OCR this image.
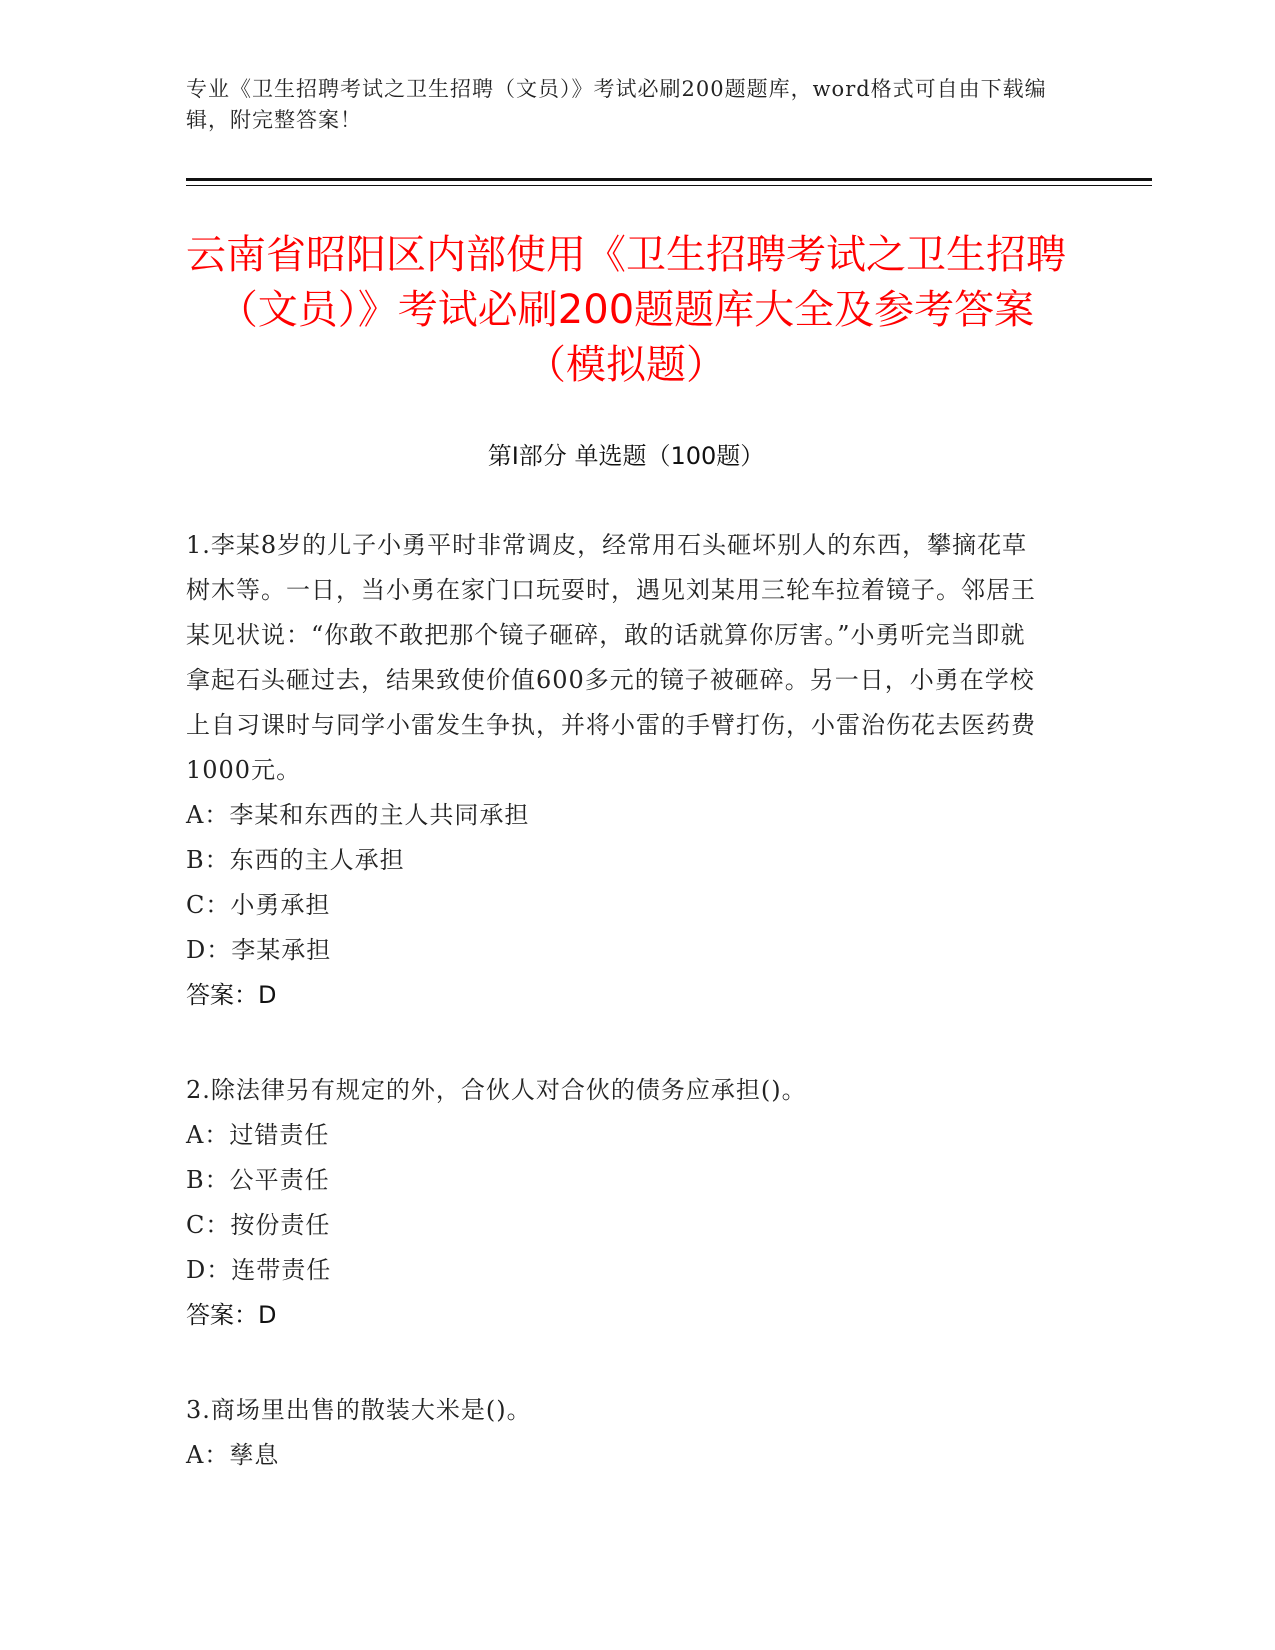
专业《卫生招聘考试之卫生招聘（文员）》考试必刷200题题库，word格式可自由下载编辑，附完整答案！
云南省昭阳区内部使用《卫生招聘考试之卫生招聘（文员）》考试必刷200题题库大全及参考答案（模拟题）
第Ⅰ部分 单选题（100题）
1.李某8岁的儿子小勇平时非常调皮，经常用石头砸坏别人的东西，攀摘花草树木等。一日，当小勇在家门口玩耍时，遇见刘某用三轮车拉着镜子。邻居王某见状说：“你敢不敢把那个镜子砸碎，敢的话就算你厉害。”小勇听完当即就拿起石头砸过去，结果致使价值600多元的镜子被砸碎。另一日，小勇在学校上自习课时与同学小雷发生争执，并将小雷的手臂打伤，小雷治伤花去医药费1000元。
A：李某和东西的主人共同承担
B：东西的主人承担
C：小勇承担
D：李某承担
答案：D
2.除法律另有规定的外，合伙人对合伙的债务应承担()。
A：过错责任
B：公平责任
C：按份责任
D：连带责任
答案：D
3.商场里出售的散装大米是()。
A：孳息
